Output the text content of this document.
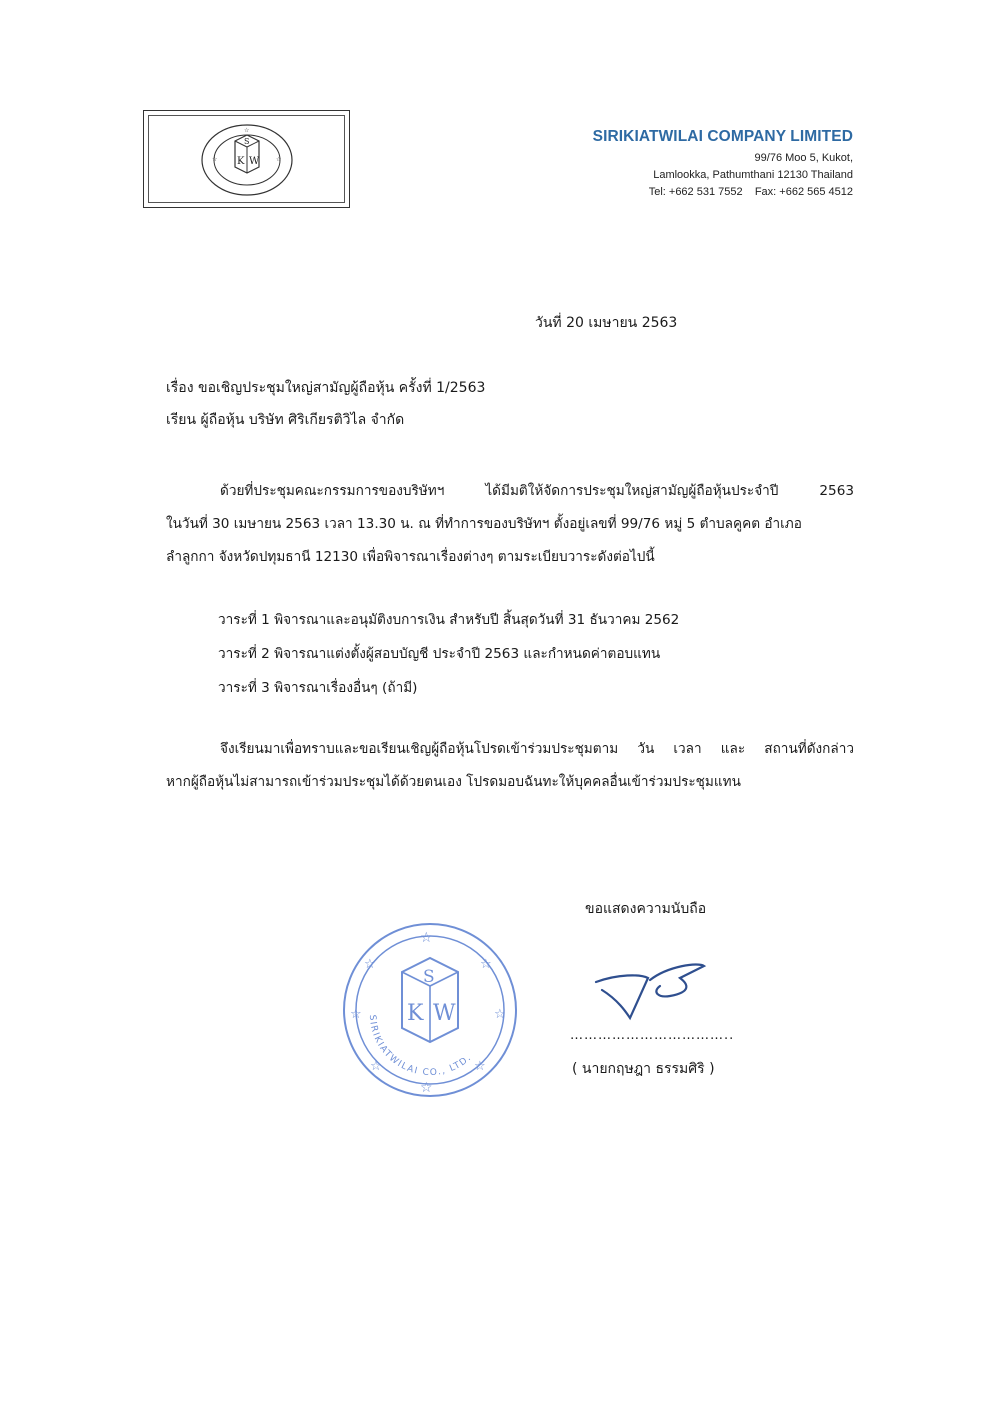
S
K W
☆	☆
☆	SIRIKIATWILAI COMPANY LIMITED
99/76 Moo 5, Kukot,
Lamlookka, Pathumthani 12130 Thailand
Tel: +662 531 7552    Fax: +662 565 4512
วันที่ 20 เมษายน 2563
เรื่อง ขอเชิญประชุมใหญ่สามัญผู้ถือหุ้น ครั้งที่ 1/2563
เรียน ผู้ถือหุ้น บริษัท ศิริเกียรติวิไล จำกัด
ด้วยที่ประชุมคณะกรรมการของบริษัทฯ ได้มีมติให้จัดการประชุมใหญ่สามัญผู้ถือหุ้นประจำปี 2563
ในวันที่ 30 เมษายน 2563 เวลา 13.30 น. ณ ที่ทำการของบริษัทฯ ตั้งอยู่เลขที่ 99/76 หมู่ 5 ตำบลคูคต อำเภอ
ลำลูกกา จังหวัดปทุมธานี 12130 เพื่อพิจารณาเรื่องต่างๆ ตามระเบียบวาระดังต่อไปนี้
วาระที่ 1 พิจารณาและอนุมัติงบการเงิน สำหรับปี สิ้นสุดวันที่ 31 ธันวาคม 2562
วาระที่ 2 พิจารณาแต่งตั้งผู้สอบบัญชี ประจำปี 2563 และกำหนดค่าตอบแทน
วาระที่ 3 พิจารณาเรื่องอื่นๆ (ถ้ามี)
จึงเรียนมาเพื่อทราบและขอเรียนเชิญผู้ถือหุ้นโปรดเข้าร่วมประชุมตาม วัน เวลา และ สถานที่ดังกล่าว
หากผู้ถือหุ้นไม่สามารถเข้าร่วมประชุมได้ด้วยตนเอง โปรดมอบฉันทะให้บุคคลอื่นเข้าร่วมประชุมแทน
ขอแสดงความนับถือ
S
K W
SIRIKIATWILAI CO., LTD.
☆
☆	☆
☆	☆
☆	☆
☆
……………………………..
( นายกฤษฎา ธรรมศิริ )
